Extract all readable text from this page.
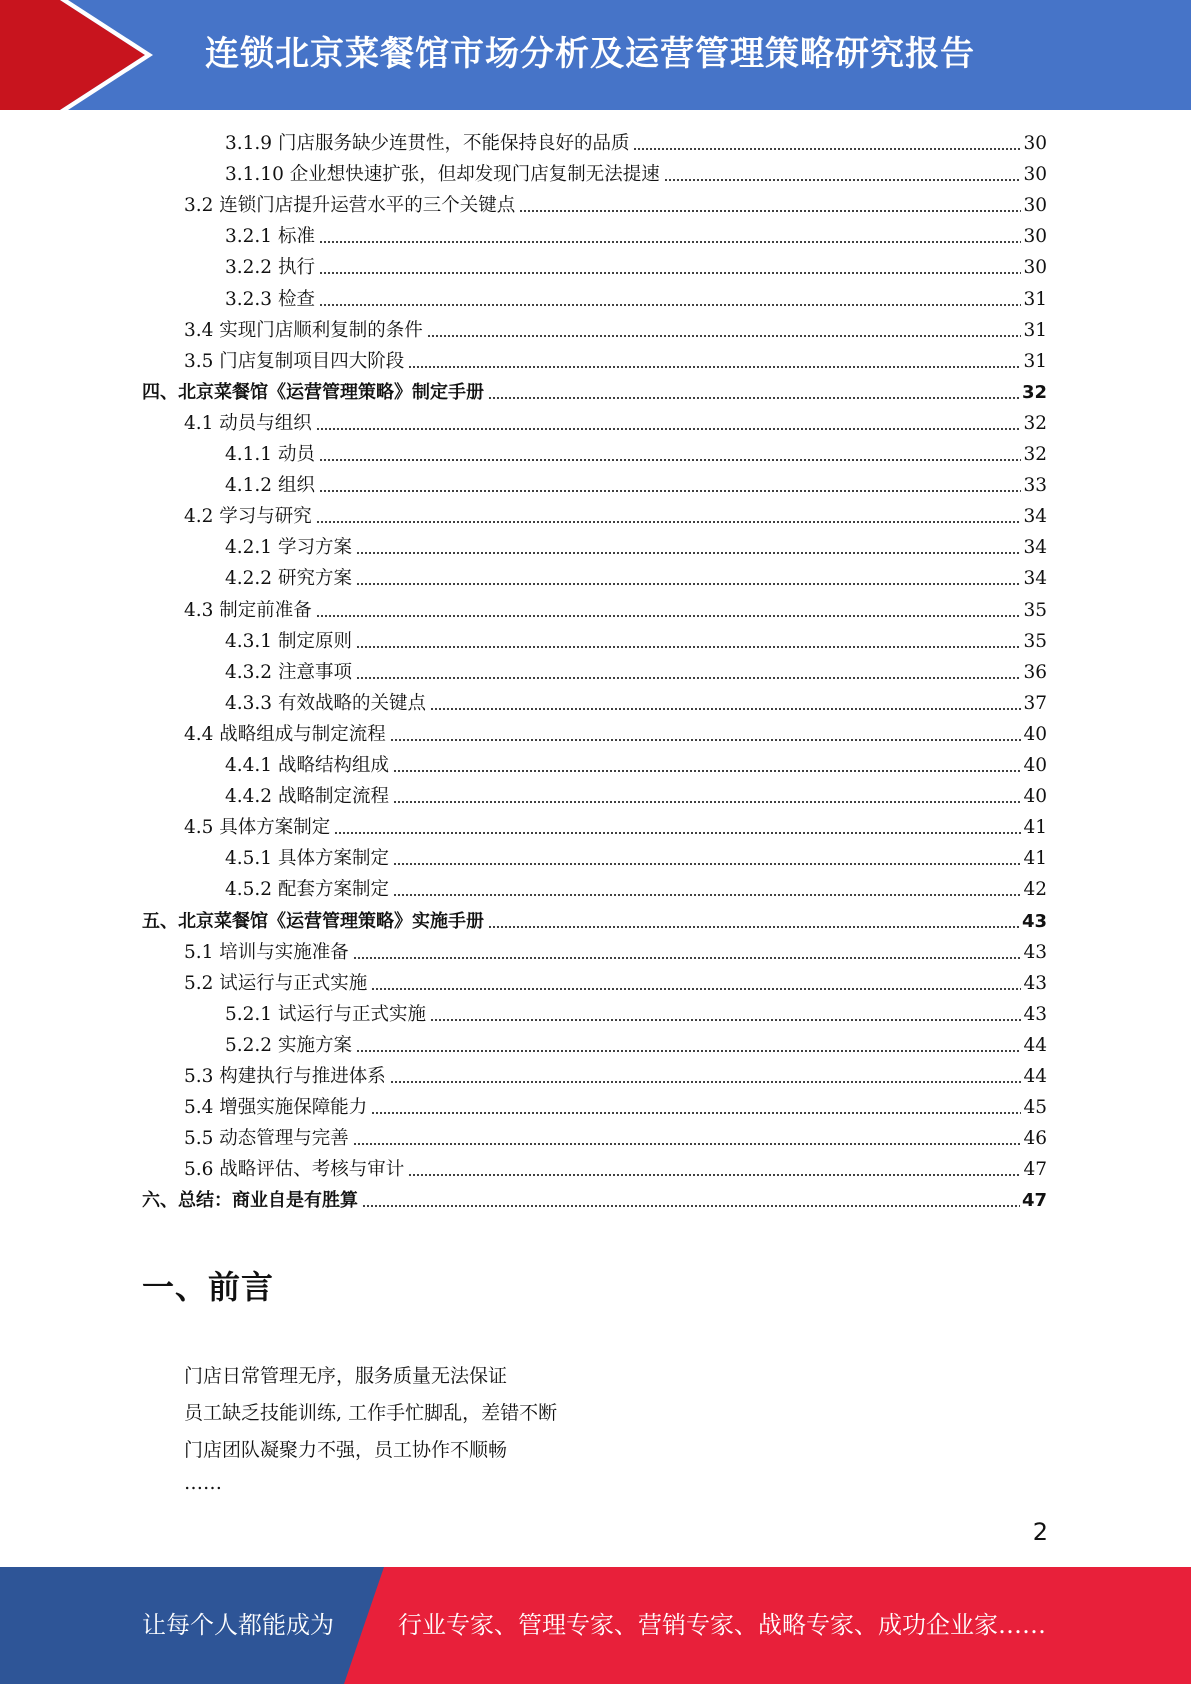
连锁北京菜餐馆市场分析及运营管理策略研究报告
3.1.9 门店服务缺少连贯性，不能保持良好的品质	30
3.1.10 企业想快速扩张，但却发现门店复制无法提速	30
3.2 连锁门店提升运营水平的三个关键点	30
3.2.1 标准	30
3.2.2 执行	30
3.2.3 检查	31
3.4 实现门店顺利复制的条件	31
3.5 门店复制项目四大阶段	31
四、北京菜餐馆《运营管理策略》制定手册	32
4.1 动员与组织	32
4.1.1 动员	32
4.1.2 组织	33
4.2 学习与研究	34
4.2.1 学习方案	34
4.2.2 研究方案	34
4.3 制定前准备	35
4.3.1 制定原则	35
4.3.2 注意事项	36
4.3.3 有效战略的关键点	37
4.4 战略组成与制定流程	40
4.4.1 战略结构组成	40
4.4.2 战略制定流程	40
4.5 具体方案制定	41
4.5.1 具体方案制定	41
4.5.2 配套方案制定	42
五、北京菜餐馆《运营管理策略》实施手册	43
5.1 培训与实施准备	43
5.2 试运行与正式实施	43
5.2.1 试运行与正式实施	43
5.2.2 实施方案	44
5.3 构建执行与推进体系	44
5.4 增强实施保障能力	45
5.5 动态管理与完善	46
5.6 战略评估、考核与审计	47
六、总结：商业自是有胜算	47
一、前言
门店日常管理无序，服务质量无法保证
员工缺乏技能训练, 工作手忙脚乱，差错不断
门店团队凝聚力不强，员工协作不顺畅
……
2
让每个人都能成为	行业专家、管理专家、营销专家、战略专家、成功企业家……
